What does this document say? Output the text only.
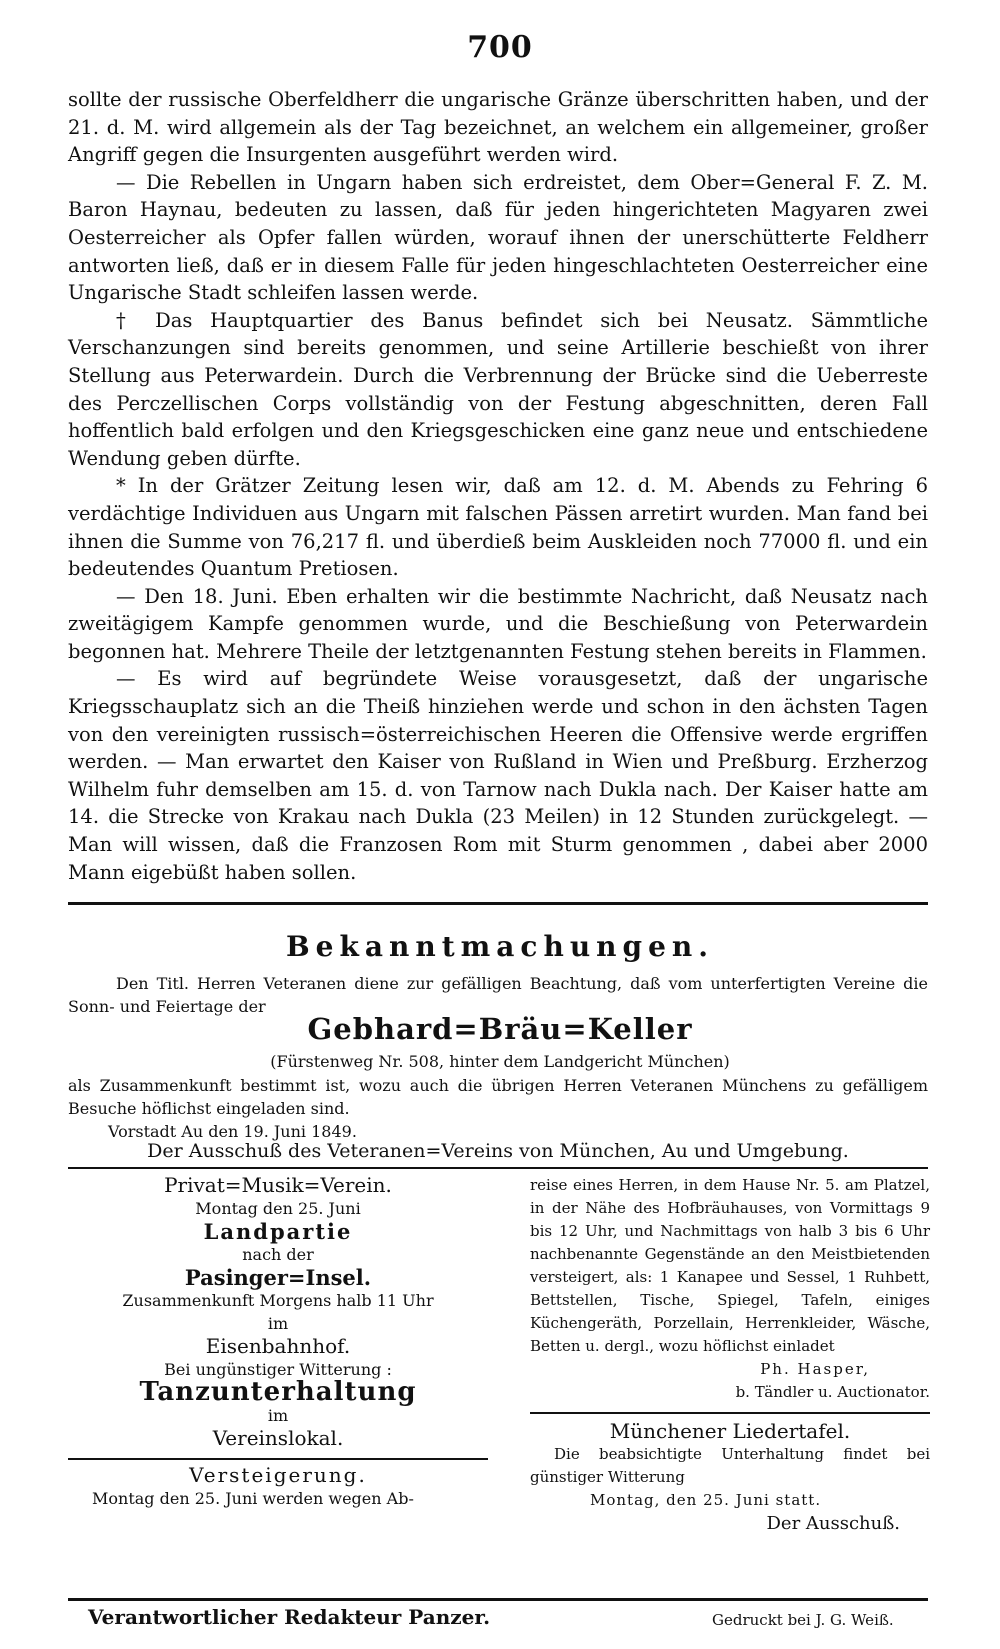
700

sollte der russische Oberfeldherr die ungarische Gränze überschritten haben, und der 21. d. M. wird allgemein als der Tag bezeichnet, an welchem ein allgemeiner, großer Angriff gegen die Insurgenten ausgeführt werden wird.

— Die Rebellen in Ungarn haben sich erdreistet, dem Ober=General F. Z. M. Baron Haynau, bedeuten zu lassen, daß für jeden hingerichteten Magyaren zwei Oesterreicher als Opfer fallen würden, worauf ihnen der unerschütterte Feldherr antworten ließ, daß er in diesem Falle für jeden hingeschlachteten Oesterreicher eine Ungarische Stadt schleifen lassen werde.

† Das Hauptquartier des Banus befindet sich bei Neusatz. Sämmtliche Verschanzungen sind bereits genommen, und seine Artillerie beschießt von ihrer Stellung aus Peterwardein. Durch die Verbrennung der Brücke sind die Ueberreste des Perczellischen Corps vollständig von der Festung abgeschnitten, deren Fall hoffentlich bald erfolgen und den Kriegsgeschicken eine ganz neue und entschiedene Wendung geben dürfte.

* In der Grätzer Zeitung lesen wir, daß am 12. d. M. Abends zu Fehring 6 verdächtige Individuen aus Ungarn mit falschen Pässen arretirt wurden. Man fand bei ihnen die Summe von 76,217 fl. und überdieß beim Auskleiden noch 77000 fl. und ein bedeutendes Quantum Pretiosen.

— Den 18. Juni. Eben erhalten wir die bestimmte Nachricht, daß Neusatz nach zweitägigem Kampfe genommen wurde, und die Beschießung von Peterwardein begonnen hat. Mehrere Theile der letztgenannten Festung stehen bereits in Flammen.

— Es wird auf begründete Weise vorausgesetzt, daß der ungarische Kriegsschauplatz sich an die Theiß hinziehen werde und schon in den ächsten Tagen von den vereinigten russisch=österreichischen Heeren die Offensive werde ergriffen werden. — Man erwartet den Kaiser von Rußland in Wien und Preßburg. Erzherzog Wilhelm fuhr demselben am 15. d. von Tarnow nach Dukla nach. Der Kaiser hatte am 14. die Strecke von Krakau nach Dukla (23 Meilen) in 12 Stunden zurückgelegt. — Man will wissen, daß die Franzosen Rom mit Sturm genommen , dabei aber 2000 Mann eigebüßt haben sollen.

Bekanntmachungen.

Den Titl. Herren Veteranen diene zur gefälligen Beachtung, daß vom unterfertigten Vereine die Sonn- und Feiertage der

Gebhard=Bräu=Keller
(Fürstenweg Nr. 508, hinter dem Landgericht München)

als Zusammenkunft bestimmt ist, wozu auch die übrigen Herren Veteranen Münchens zu gefälligem Besuche höflichst eingeladen sind.

Vorstadt Au den 19. Juni 1849.

Der Ausschuß des Veteranen=Vereins von München, Au und Umgebung.
Privat=Musik=Verein.
Montag den 25. Juni
Landpartie
nach der
Pasinger=Insel.
Zusammenkunft Morgens halb 11 Uhr
im
Eisenbahnhof.
Bei ungünstiger Witterung :
Tanzunterhaltung
im
Vereinslokal.
Versteigerung.
Montag den 25. Juni werden wegen Ab-
reise eines Herren, in dem Hause Nr. 5. am Platzel, in der Nähe des Hofbräuhauses, von Vormittags 9 bis 12 Uhr, und Nachmittags von halb 3 bis 6 Uhr nachbenannte Gegenstände an den Meistbietenden versteigert, als: 1 Kanapee und Sessel, 1 Ruhbett, Bettstellen, Tische, Spiegel, Tafeln, einiges Küchengeräth, Porzellain, Herrenkleider, Wäsche, Betten u. dergl., wozu höflichst einladet
Ph. Hasper,
b. Tändler u. Auctionator.
Münchener Liedertafel.
Die beabsichtigte Unterhaltung findet bei günstiger Witterung
Montag, den 25. Juni statt.
Der Ausschuß.
Verantwortlicher Redakteur Panzer.	Gedruckt bei J. G. Weiß.
